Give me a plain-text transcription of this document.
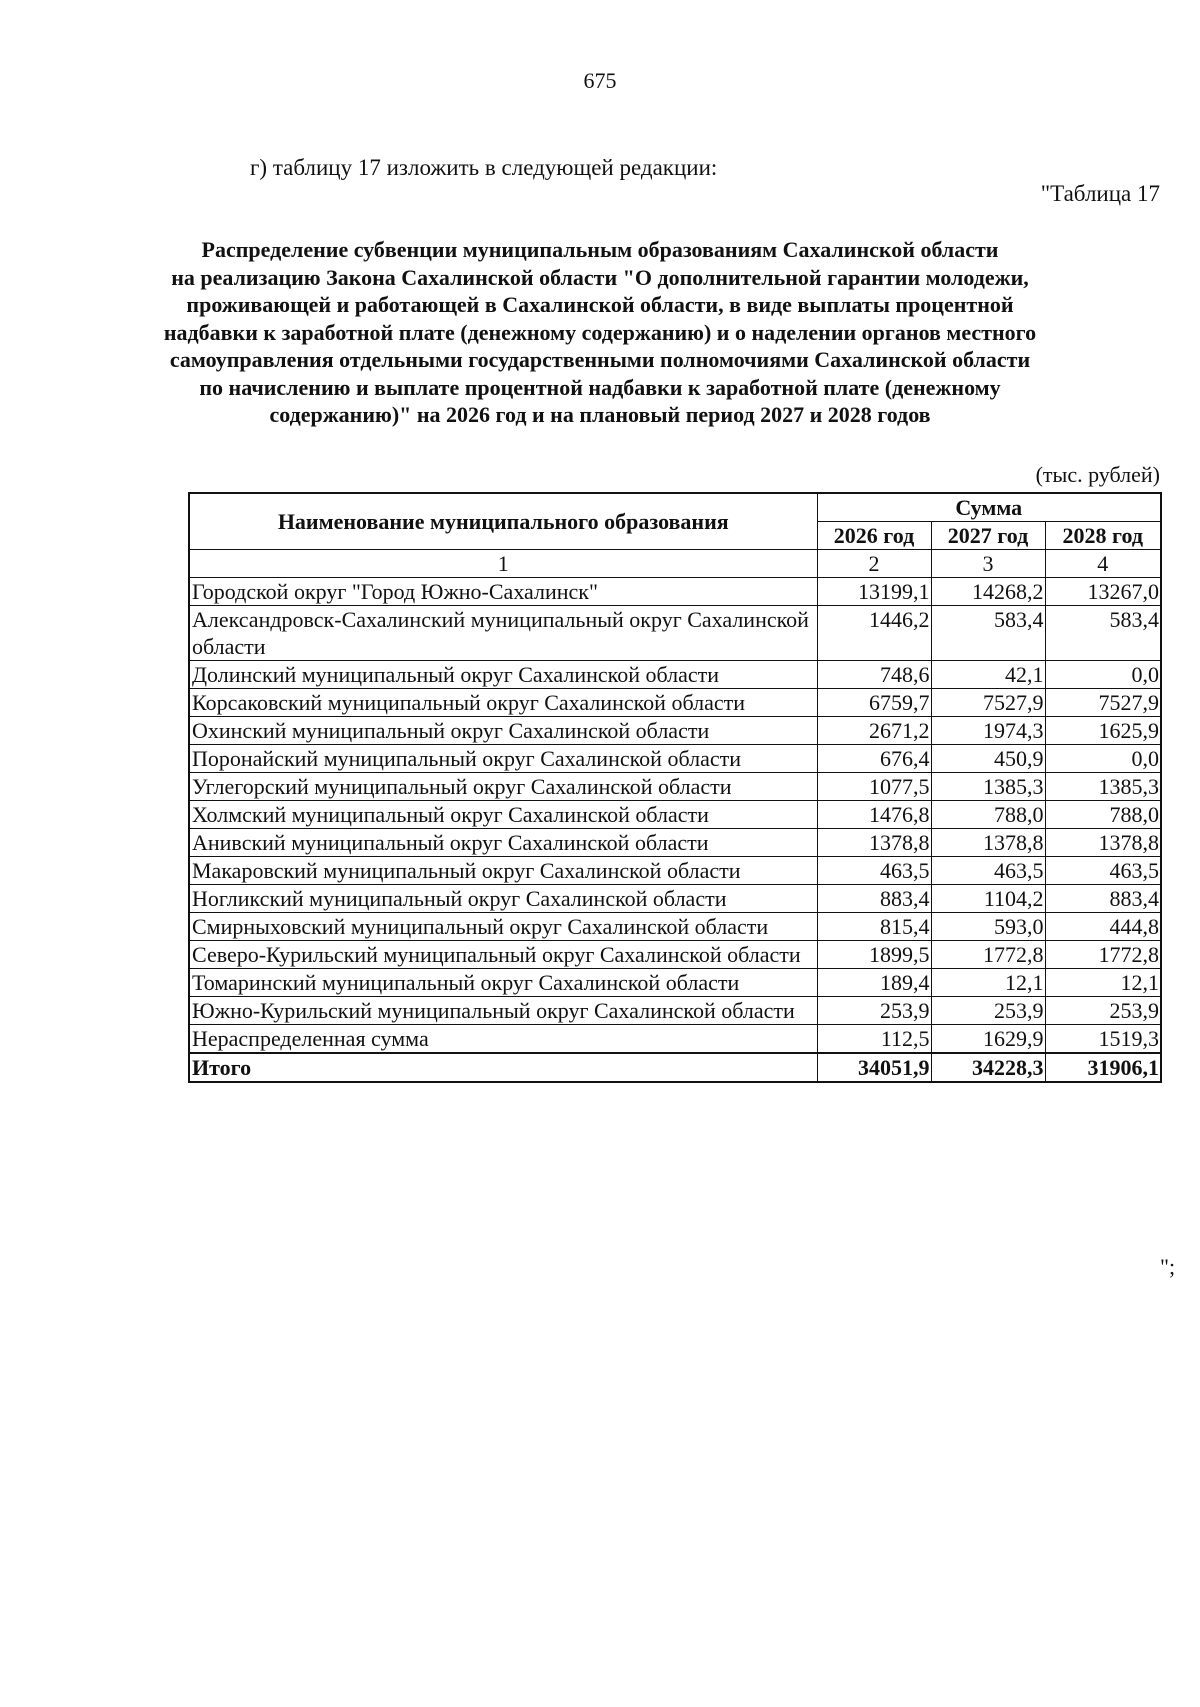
675
г) таблицу 17 изложить в следующей редакции:
"Таблица 17
Распределение субвенции муниципальным образованиям Сахалинской области
на реализацию Закона Сахалинской области "О дополнительной гарантии молодежи,
проживающей и работающей в Сахалинской области, в виде выплаты процентной
надбавки к заработной плате (денежному содержанию) и о наделении органов местного
самоуправления отдельными государственными полномочиями Сахалинской области
по начислению и выплате процентной надбавки к заработной плате (денежному
содержанию)" на 2026 год и на плановый период 2027 и 2028 годов
(тыс. рублей)
Наименование муниципального образования	Сумма		
	2026 год	2027 год	2028 год
1	2	3	4
Городской округ "Город Южно-Сахалинск"	13199,1	14268,2	13267,0
Александровск-Сахалинский муниципальный округ Сахалинской области	1446,2	583,4	583,4
Долинский муниципальный округ Сахалинской области	748,6	42,1	0,0
Корсаковский муниципальный округ Сахалинской области	6759,7	7527,9	7527,9
Охинский муниципальный округ Сахалинской области	2671,2	1974,3	1625,9
Поронайский муниципальный округ Сахалинской области	676,4	450,9	0,0
Углегорский муниципальный округ Сахалинской области	1077,5	1385,3	1385,3
Холмский муниципальный округ Сахалинской области	1476,8	788,0	788,0
Анивский муниципальный округ Сахалинской области	1378,8	1378,8	1378,8
Макаровский муниципальный округ Сахалинской области	463,5	463,5	463,5
Ногликский муниципальный округ Сахалинской области	883,4	1104,2	883,4
Смирныховский муниципальный округ Сахалинской области	815,4	593,0	444,8
Северо-Курильский муниципальный округ Сахалинской области	1899,5	1772,8	1772,8
Томаринский муниципальный округ Сахалинской области	189,4	12,1	12,1
Южно-Курильский муниципальный округ Сахалинской области	253,9	253,9	253,9
Нераспределенная сумма	112,5	1629,9	1519,3
Итого	34051,9	34228,3	31906,1
";
